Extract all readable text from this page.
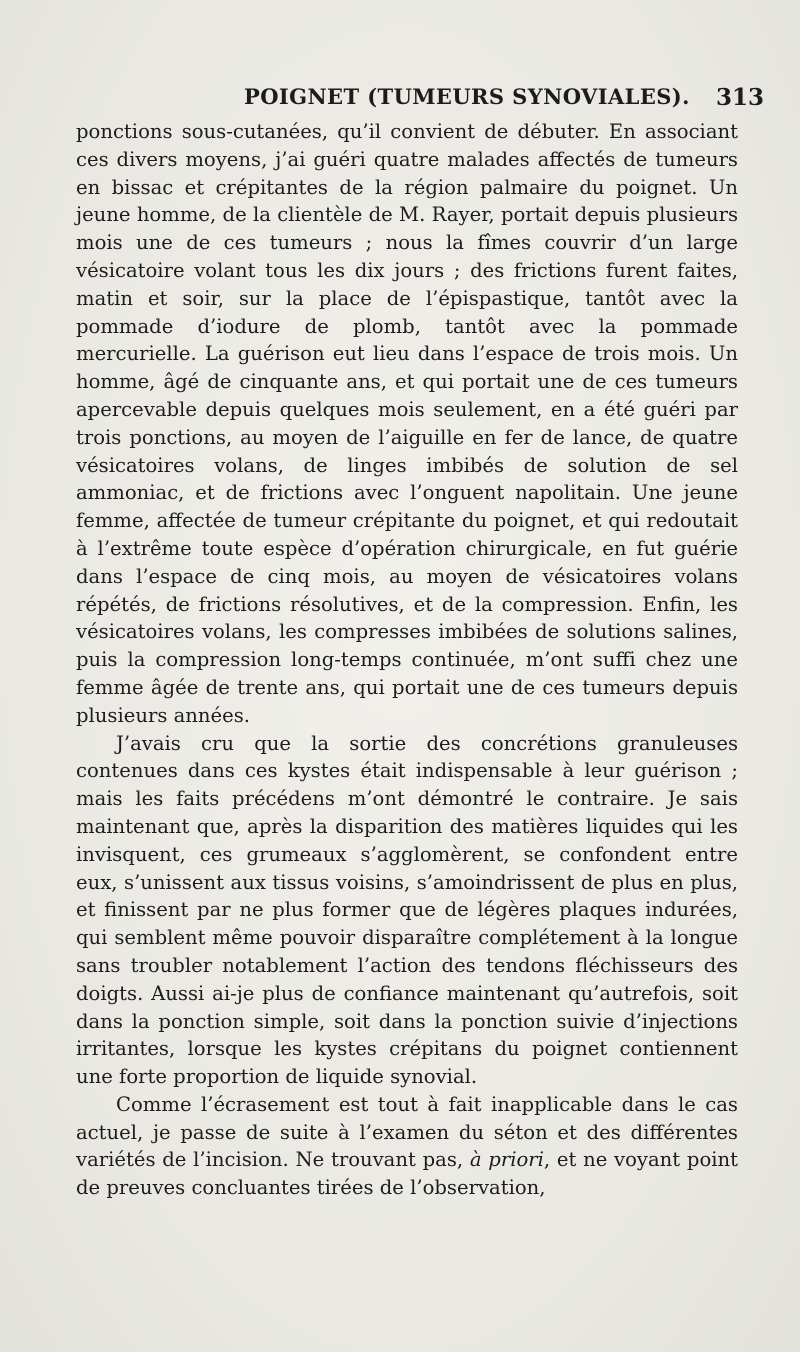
POIGNET (TUMEURS SYNOVIALES). 313

ponctions sous-cutanées, qu’il convient de débuter. En associant ces divers moyens, j’ai guéri quatre malades affectés de tumeurs en bissac et crépitantes de la région palmaire du poignet. Un jeune homme, de la clientèle de M. Rayer, portait depuis plusieurs mois une de ces tumeurs ; nous la fîmes couvrir d’un large vésicatoire volant tous les dix jours ; des frictions furent faites, matin et soir, sur la place de l’épispastique, tantôt avec la pommade d’iodure de plomb, tantôt avec la pommade mercurielle. La guérison eut lieu dans l’espace de trois mois. Un homme, âgé de cinquante ans, et qui portait une de ces tumeurs apercevable depuis quelques mois seulement, en a été guéri par trois ponctions, au moyen de l’aiguille en fer de lance, de quatre vésicatoires volans, de linges imbibés de solution de sel ammoniac, et de frictions avec l’onguent napolitain. Une jeune femme, affectée de tumeur crépitante du poignet, et qui redoutait à l’extrême toute espèce d’opération chirurgicale, en fut guérie dans l’espace de cinq mois, au moyen de vésicatoires volans répétés, de frictions résolutives, et de la compression. Enfin, les vésicatoires volans, les compresses imbibées de solutions salines, puis la compression long-temps continuée, m’ont suffi chez une femme âgée de trente ans, qui portait une de ces tumeurs depuis plusieurs années.

J’avais cru que la sortie des concrétions granuleuses contenues dans ces kystes était indispensable à leur guérison ; mais les faits précédens m’ont démontré le contraire. Je sais maintenant que, après la disparition des matières liquides qui les invisquent, ces grumeaux s’agglomèrent, se confondent entre eux, s’unissent aux tissus voisins, s’amoindrissent de plus en plus, et finissent par ne plus former que de légères plaques indurées, qui semblent même pouvoir disparaître complétement à la longue sans troubler notablement l’action des tendons fléchisseurs des doigts. Aussi ai-je plus de confiance maintenant qu’autrefois, soit dans la ponction simple, soit dans la ponction suivie d’injections irritantes, lorsque les kystes crépitans du poignet contiennent une forte proportion de liquide synovial.

Comme l’écrasement est tout à fait inapplicable dans le cas actuel, je passe de suite à l’examen du séton et des différentes variétés de l’incision. Ne trouvant pas, à priori, et ne voyant point de preuves concluantes tirées de l’observation,
